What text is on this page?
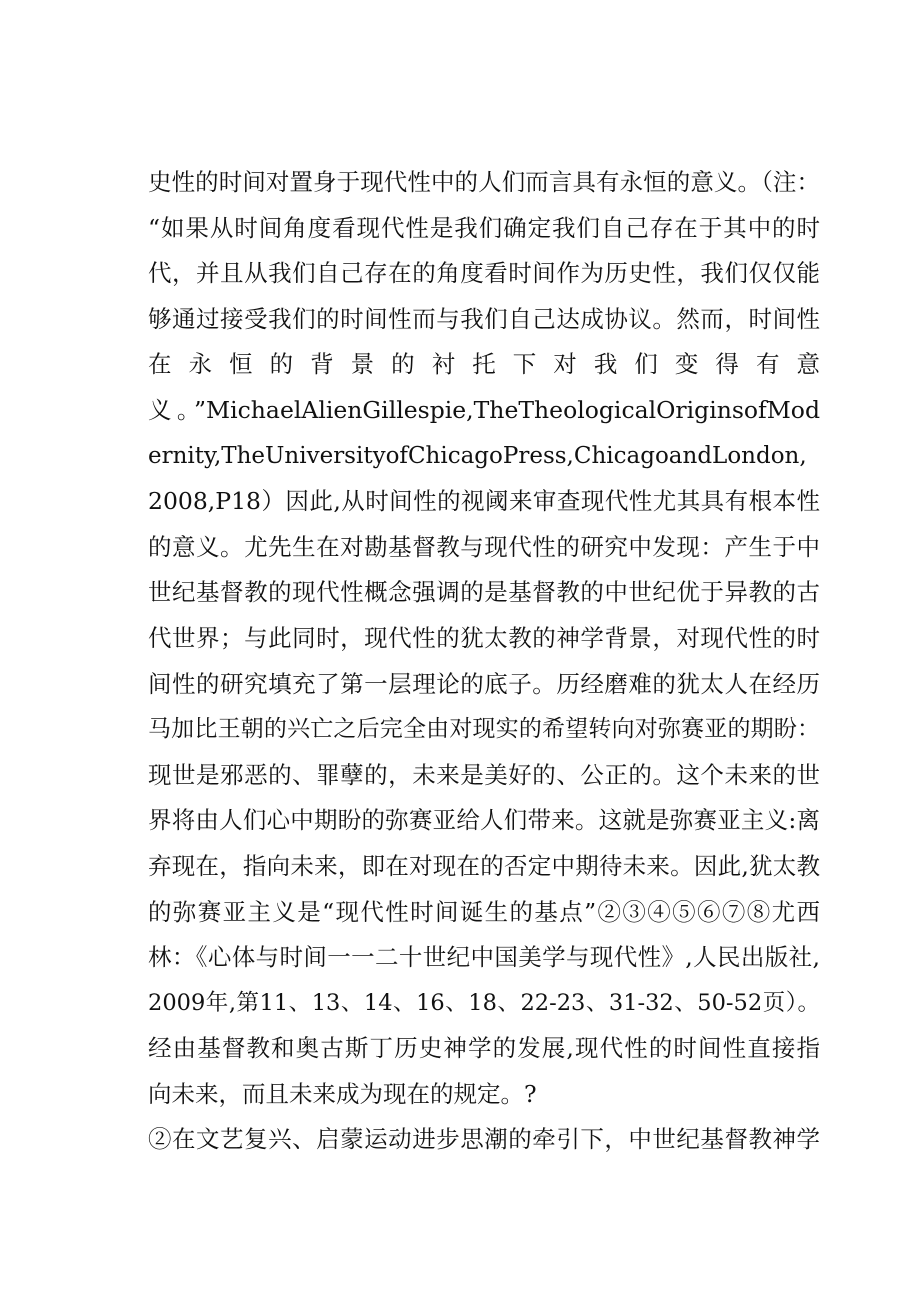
史性的时间对置身于现代性中的人们而言具有永恒的意义。（注：
“如果从时间角度看现代性是我们确定我们自己存在于其中的时
代，并且从我们自己存在的角度看时间作为历史性，我们仅仅能
够通过接受我们的时间性而与我们自己达成协议。然而，时间性
在永恒的背景的衬托下对我们变得有意
义。”MichaelAlienGillespie,TheTheologicalOriginsofMod
ernity,TheUniversityofChicagoPress,ChicagoandLondon,
2008,P18）因此,从时间性的视阈来审查现代性尤其具有根本性
的意义。尤先生在对勘基督教与现代性的研究中发现：产生于中
世纪基督教的现代性概念强调的是基督教的中世纪优于异教的古
代世界；与此同时，现代性的犹太教的神学背景，对现代性的时
间性的研究填充了第一层理论的底子。历经磨难的犹太人在经历
马加比王朝的兴亡之后完全由对现实的希望转向对弥赛亚的期盼：
现世是邪恶的、罪孽的，未来是美好的、公正的。这个未来的世
界将由人们心中期盼的弥赛亚给人们带来。这就是弥赛亚主义:离
弃现在，指向未来，即在对现在的否定中期待未来。因此,犹太教
的弥赛亚主义是“现代性时间诞生的基点”②③④⑤⑥⑦⑧尤西
林：《心体与时间一一二十世纪中国美学与现代性》,人民出版社,
2009年,第11、13、14、16、18、22-23、31-32、50-52页）。
经由基督教和奥古斯丁历史神学的发展,现代性的时间性直接指
向未来，而且未来成为现在的规定。?
②在文艺复兴、启蒙运动进步思潮的牵引下，中世纪基督教神学
